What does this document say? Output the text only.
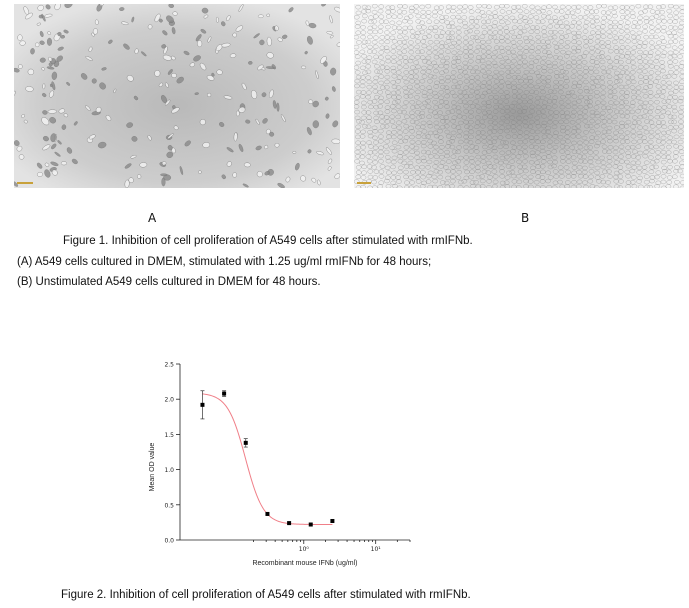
A	B
Figure 1. Inhibition of cell proliferation of A549 cells after stimulated with rmIFNb.
(A) A549 cells cultured in DMEM, stimulated with 1.25 ug/ml rmIFNb for 48 hours;
(B) Unstimulated A549 cells cultured in DMEM for 48 hours.
0.0
0.5
1.0
1.5
2.0
2.5
10⁰	10¹
Recombinant mouse IFNb (ug/ml)
Mean OD value
Figure 2. Inhibition of cell proliferation of A549 cells after stimulated with rmIFNb.
